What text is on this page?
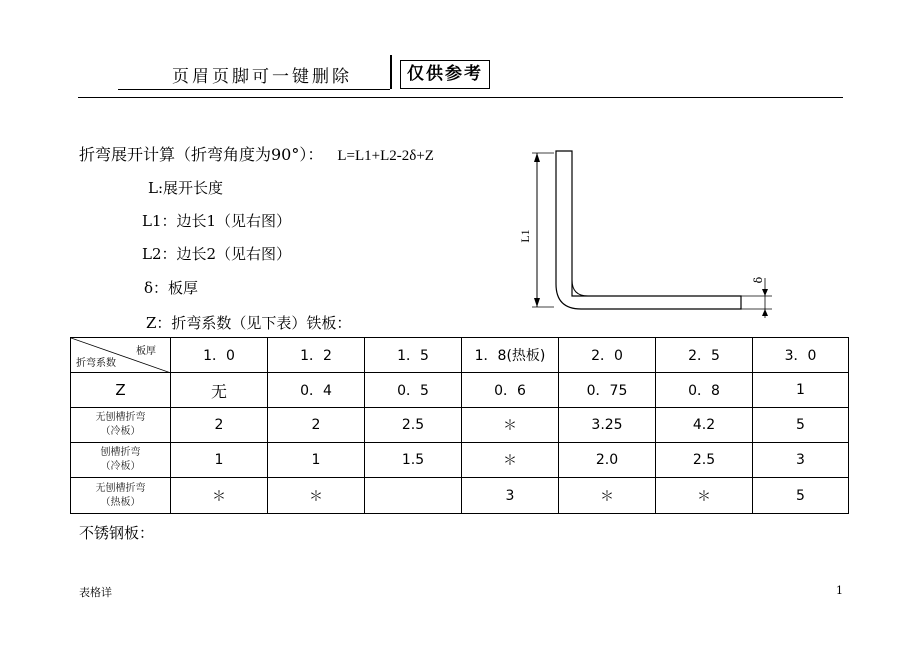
页眉页脚可一键删除	仅供参考
折弯展开计算（折弯角度为90°）： L=L1+L2-2δ+Z
L:展开长度
L1：边长1（见右图）
L2：边长2（见右图）
δ：板厚
Z：折弯系数（见下表）铁板：
L1
δ
板厚
折弯系数	1．0	1．2	1．5	1．8(热板)	2．0	2．5	3．0
Z	无	0．4	0．5	0．6	0．75	0．8	1
无刨槽折弯
（冷板）	2	2	2.5	＊	3.25	4.2	5
刨槽折弯
（冷板）	1	1	1.5	＊	2.0	2.5	3
无刨槽折弯
（热板）	＊	＊		3	＊	＊	5
不锈钢板：
表格详	1
